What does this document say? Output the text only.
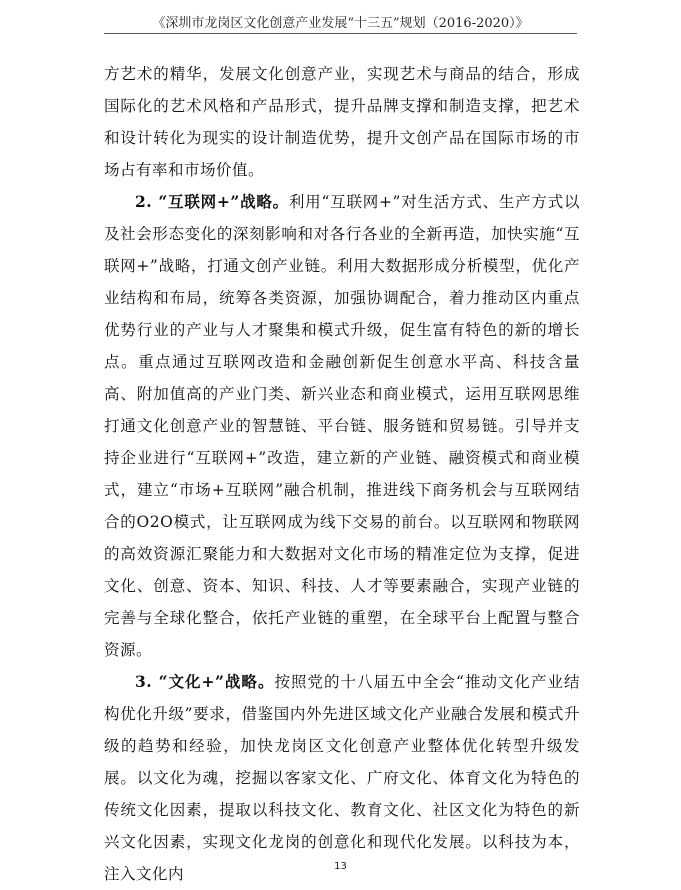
《深圳市龙岗区文化创意产业发展“十三五”规划（2016-2020）》

方艺术的精华，发展文化创意产业，实现艺术与商品的结合，形成国际化的艺术风格和产品形式，提升品牌支撑和制造支撑，把艺术和设计转化为现实的设计制造优势，提升文创产品在国际市场的市场占有率和市场价值。

2. “互联网+”战略。利用“互联网+”对生活方式、生产方式以及社会形态变化的深刻影响和对各行各业的全新再造，加快实施“互联网+”战略，打通文创产业链。利用大数据形成分析模型，优化产业结构和布局，统筹各类资源，加强协调配合，着力推动区内重点优势行业的产业与人才聚集和模式升级，促生富有特色的新的增长点。重点通过互联网改造和金融创新促生创意水平高、科技含量高、附加值高的产业门类、新兴业态和商业模式，运用互联网思维打通文化创意产业的智慧链、平台链、服务链和贸易链。引导并支持企业进行“互联网+”改造，建立新的产业链、融资模式和商业模式，建立“市场+互联网”融合机制，推进线下商务机会与互联网结合的O2O模式，让互联网成为线下交易的前台。以互联网和物联网的高效资源汇聚能力和大数据对文化市场的精准定位为支撑，促进文化、创意、资本、知识、科技、人才等要素融合，实现产业链的完善与全球化整合，依托产业链的重塑，在全球平台上配置与整合资源。

3. “文化+”战略。按照党的十八届五中全会“推动文化产业结构优化升级”要求，借鉴国内外先进区域文化产业融合发展和模式升级的趋势和经验，加快龙岗区文化创意产业整体优化转型升级发展。以文化为魂，挖掘以客家文化、广府文化、体育文化为特色的传统文化因素，提取以科技文化、教育文化、社区文化为特色的新兴文化因素，实现文化龙岗的创意化和现代化发展。以科技为本，注入文化内	13
